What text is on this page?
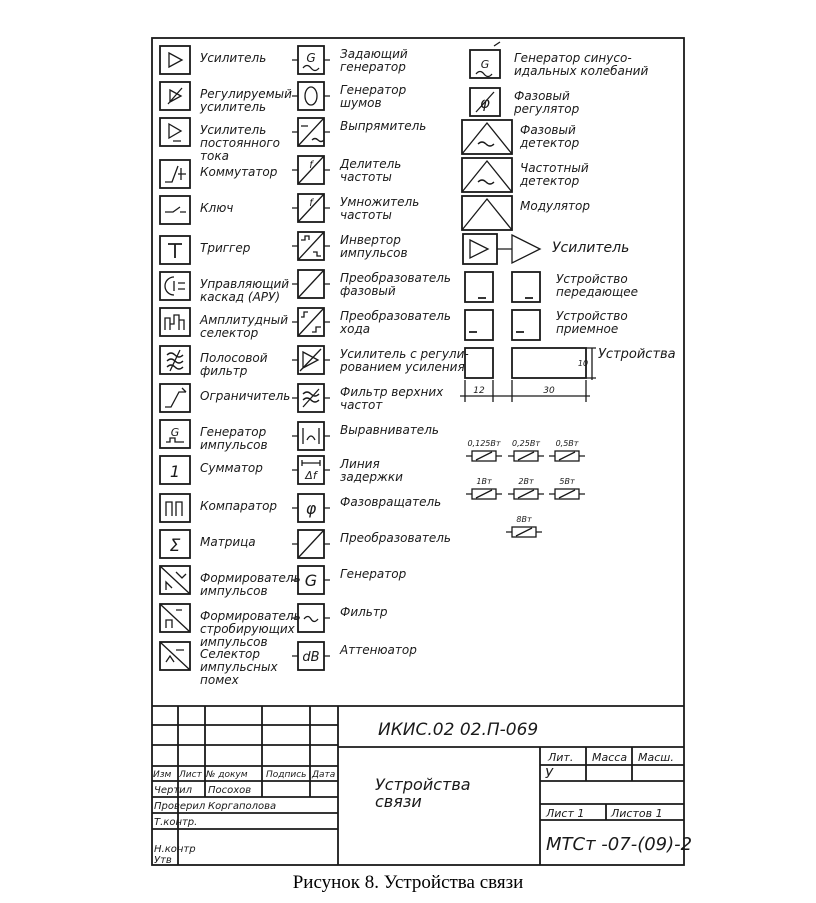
Усилитель
Регулируемый усилитель
Усилитель постоянного тока
Коммутатор
Ключ
Триггер
Управляющий каскад (АРУ)
Амплитудный селектор
Полосовой фильтр
Ограничитель
G Генератор импульсов
1 Сумматор
Компаратор
Σ Матрица
Формирователь импульсов
Формирователь стробирующих импульсов
Селектор импульсных помех
G Задающий генератор
Генератор шумов
Выпрямитель
f Делитель частоты
f Умножитель частоты
Инвертор импульсов
Преобразователь фазовый
Преобразователь хода
Усилитель с регули-рованием усиления
Фильтр верхних частот
Выравниватель
Δf
Линия задержки
φ Фазовращатель
Преобразователь
G Генератор
Фильтр
dB Аттенюатор
G Генератор синусо-идальных колебаний
φ Фазовый регулятор
Фазовый детектор
Частотный детектор
Модулятор
Усилитель
Устройство передающее
Устройство приемное
12	30
10
Устройства
0,125Вт 0,25Вт 0,5Вт
1Вт	2Вт	5Вт
8Вт
ИКИС.02 02.П-069
Устройства связи
Лит. Масса Масш.
У
Лист 1 Листов 1
МТСт -07-(09)-2
Изм Лист № докум Подпись Дата
Чертил Посохов
Проверил Коргаполова
Т.контр.
Н.контр
Утв
Рисунок 8. Устройства связи
